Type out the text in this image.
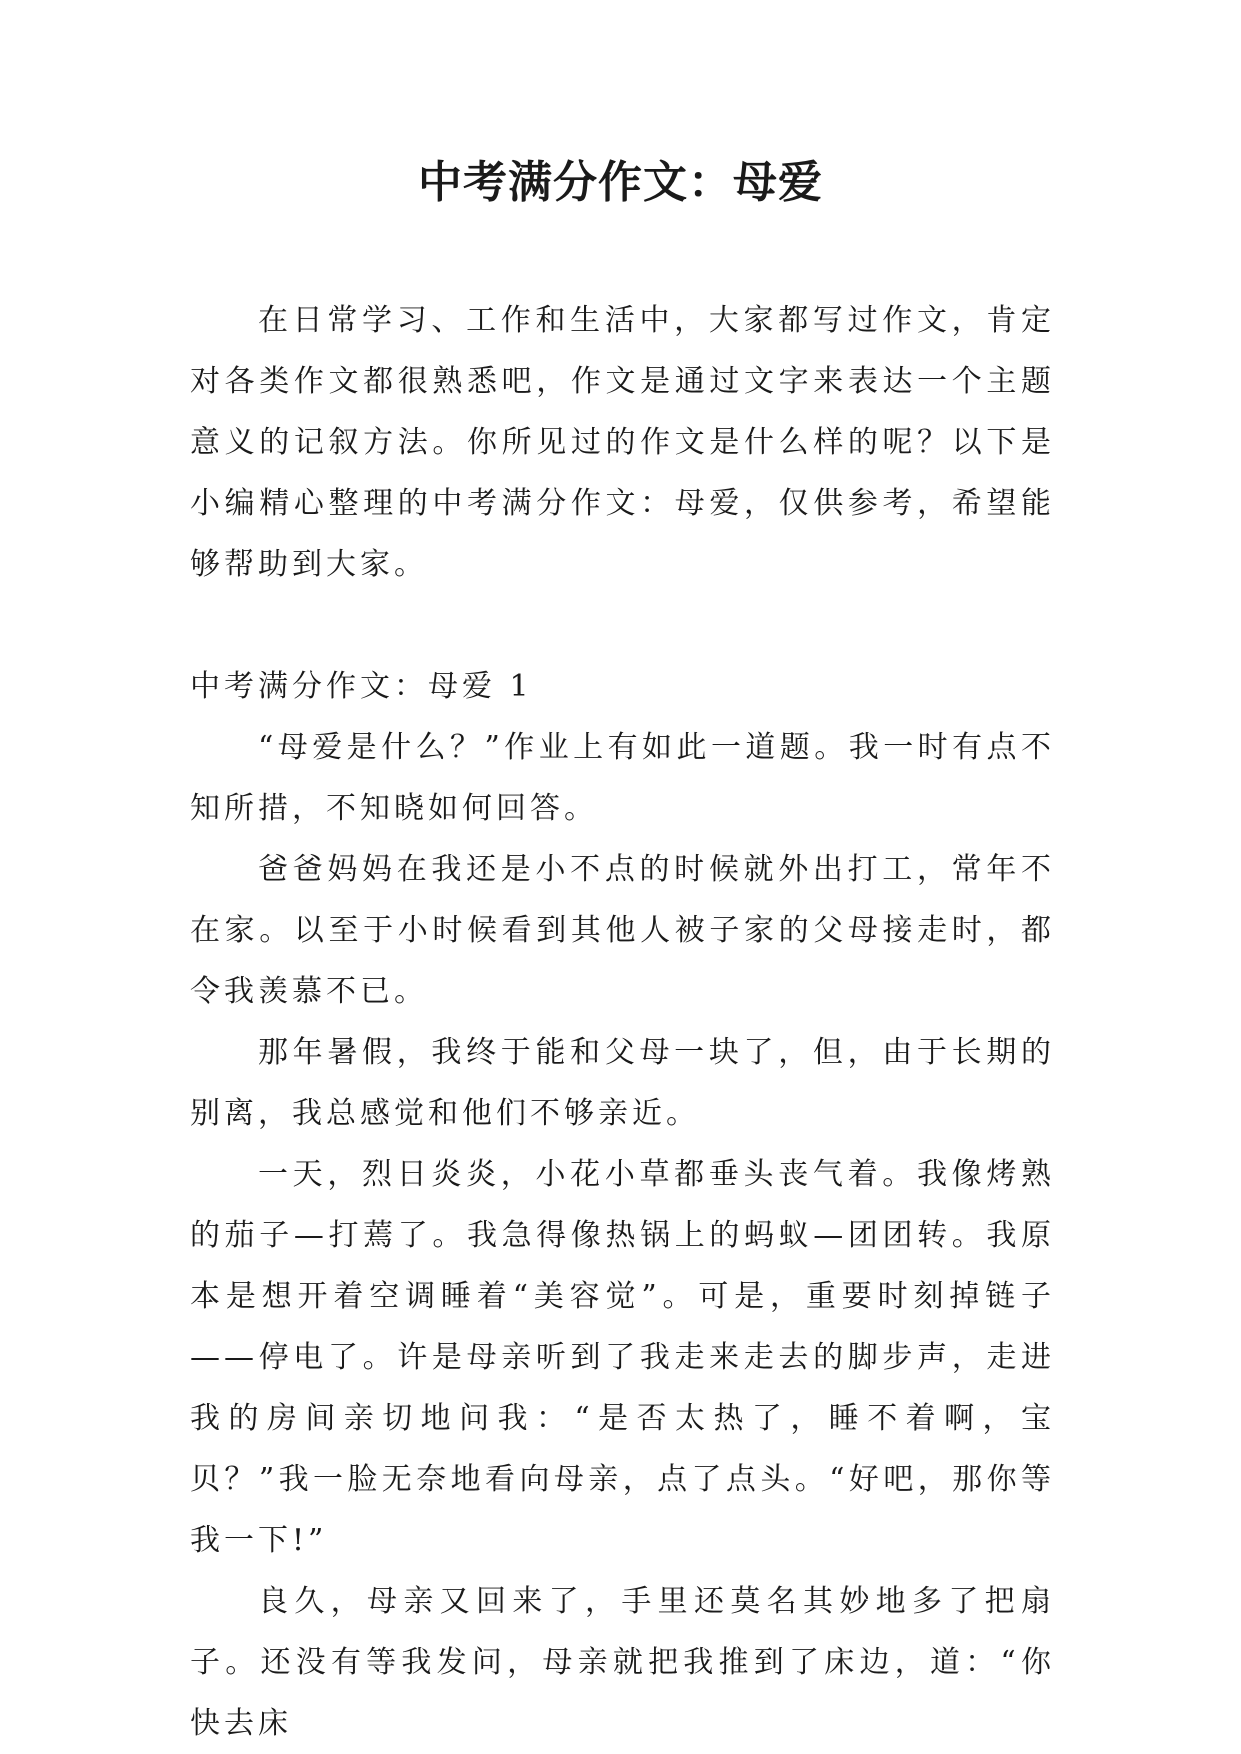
中考满分作文：母爱

在日常学习、工作和生活中，大家都写过作文，肯定对各类作文都很熟悉吧，作文是通过文字来表达一个主题意义的记叙方法。你所见过的作文是什么样的呢？以下是小编精心整理的中考满分作文：母爱，仅供参考，希望能够帮助到大家。

中考满分作文：母爱 1

“母爱是什么？”作业上有如此一道题。我一时有点不知所措，不知晓如何回答。

爸爸妈妈在我还是小不点的时候就外出打工，常年不在家。以至于小时候看到其他人被子家的父母接走时，都令我羡慕不已。

那年暑假，我终于能和父母一块了，但，由于长期的别离，我总感觉和他们不够亲近。

一天，烈日炎炎，小花小草都垂头丧气着。我像烤熟的茄子—打蔫了。我急得像热锅上的蚂蚁—团团转。我原本是想开着空调睡着“美容觉”。可是，重要时刻掉链子——停电了。许是母亲听到了我走来走去的脚步声，走进我的房间亲切地问我：“是否太热了，睡不着啊，宝贝？”我一脸无奈地看向母亲，点了点头。“好吧，那你等我一下!”

良久，母亲又回来了，手里还莫名其妙地多了把扇子。还没有等我发问，母亲就把我推到了床边，道：“你快去床
